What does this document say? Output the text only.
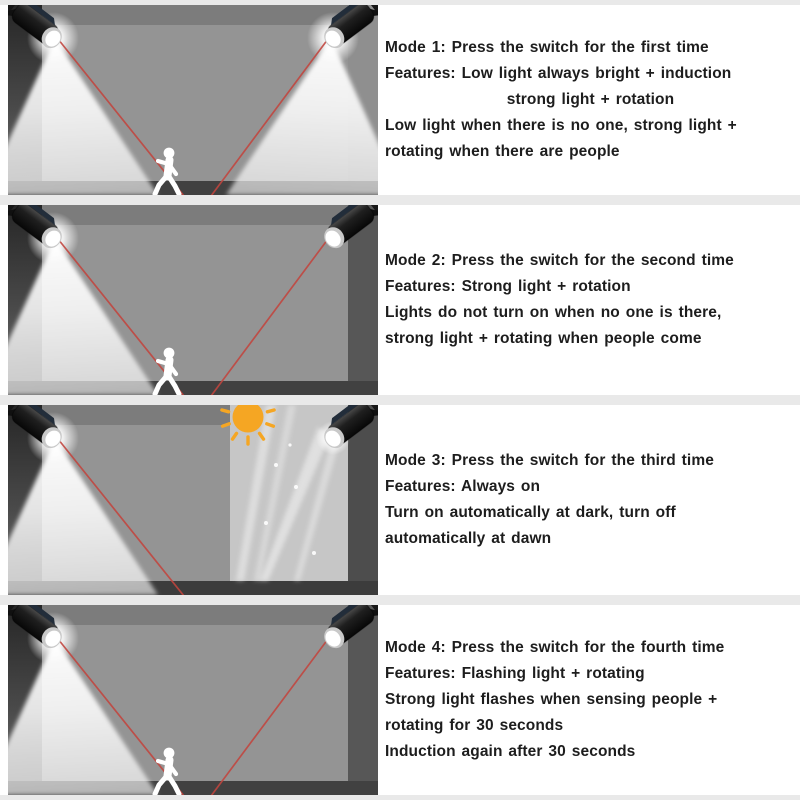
Mode 1: Press the switch for the first time
Features: Low light always bright + induction
strong light + rotation
Low light when there is no one, strong light +
rotating when there are people
Mode 2: Press the switch for the second time
Features: Strong light + rotation
Lights do not turn on when no one is there,
strong light + rotating when people come
Mode 3: Press the switch for the third time
Features: Always on
Turn on automatically at dark, turn off
automatically at dawn
Mode 4: Press the switch for the fourth time
Features: Flashing light + rotating
Strong light flashes when sensing people +
rotating for 30 seconds
Induction again after 30 seconds
